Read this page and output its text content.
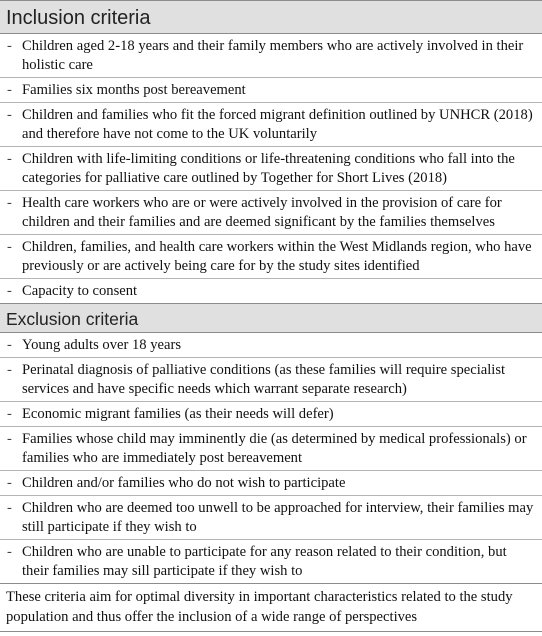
Inclusion criteria
- Children aged 2-18 years and their family members who are actively involved in their holistic care
- Families six months post bereavement
- Children and families who fit the forced migrant definition outlined by UNHCR (2018) and therefore have not come to the UK voluntarily
- Children with life-limiting conditions or life-threatening conditions who fall into the categories for palliative care outlined by Together for Short Lives (2018)
- Health care workers who are or were actively involved in the provision of care for children and their families and are deemed significant by the families themselves
- Children, families, and health care workers within the West Midlands region, who have previously or are actively being care for by the study sites identified
- Capacity to consent
Exclusion criteria
- Young adults over 18 years
- Perinatal diagnosis of palliative conditions (as these families will require specialist services and have specific needs which warrant separate research)
- Economic migrant families (as their needs will defer)
- Families whose child may imminently die (as determined by medical professionals) or families who are immediately post bereavement
- Children and/or families who do not wish to participate
- Children who are deemed too unwell to be approached for interview, their families may still participate if they wish to
- Children who are unable to participate for any reason related to their condition, but their families may sill participate if they wish to
These criteria aim for optimal diversity in important characteristics related to the study population and thus offer the inclusion of a wide range of perspectives
